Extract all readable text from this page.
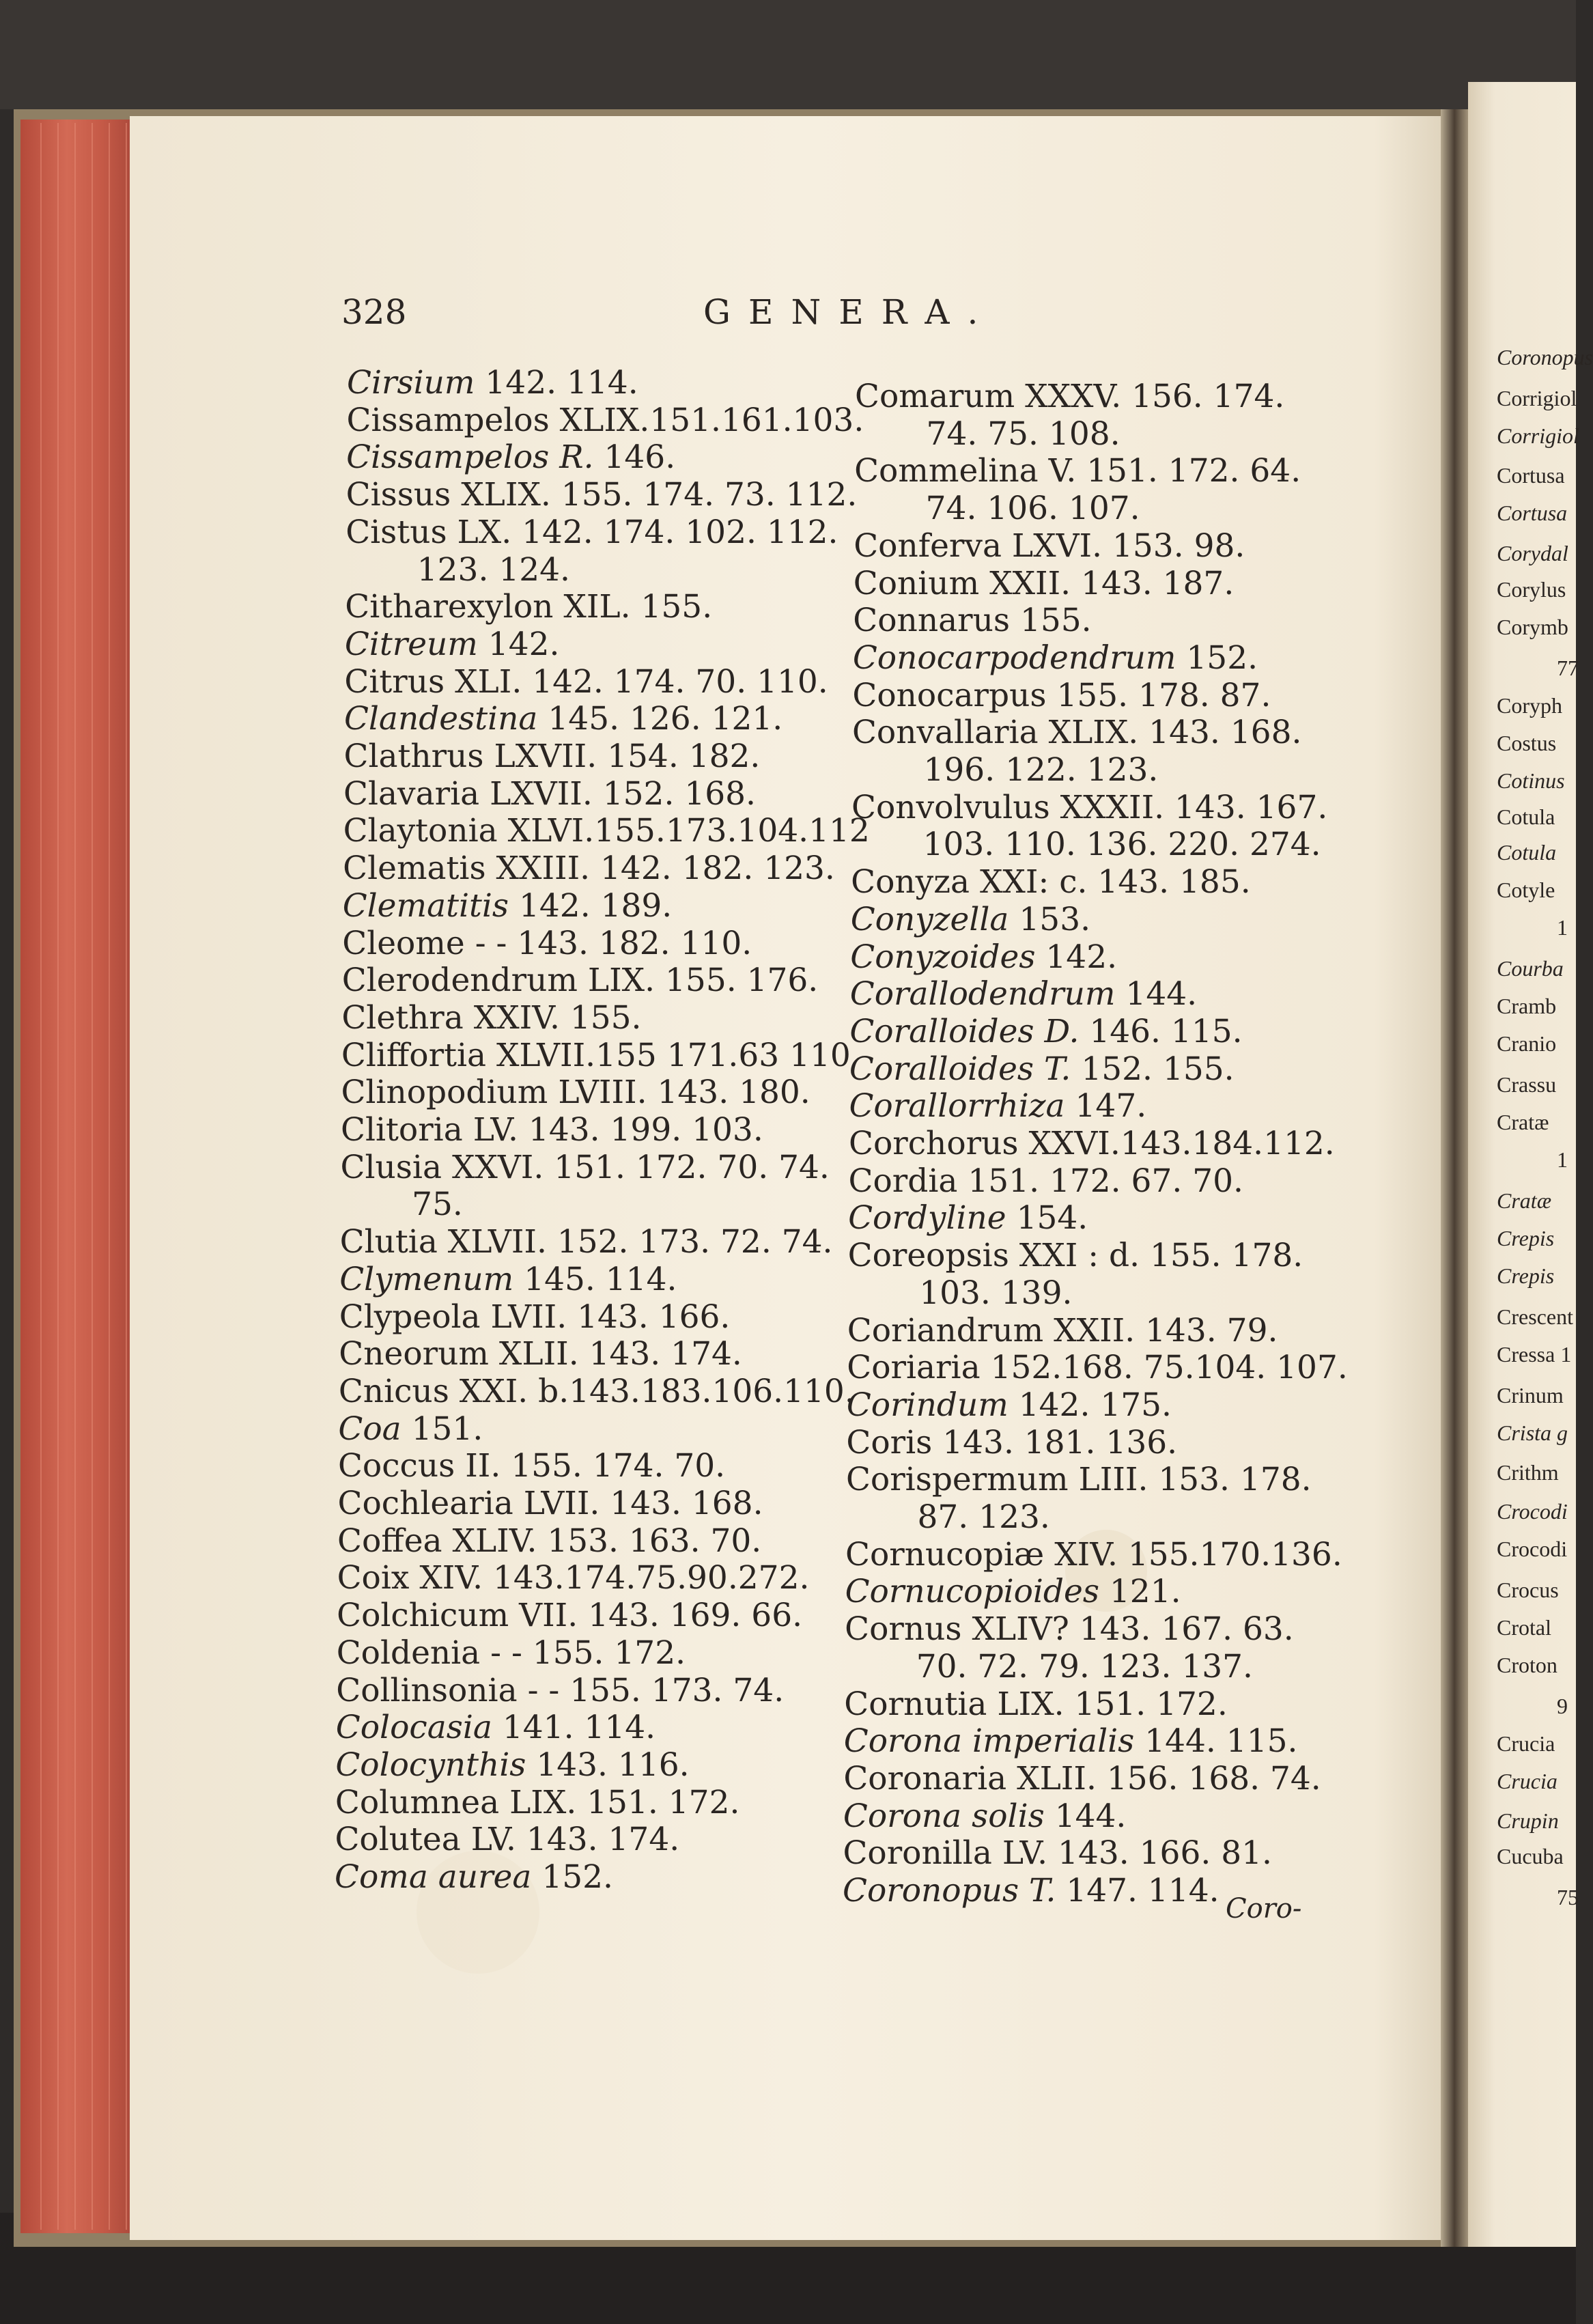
328	GENERA.
Cirsium 142. 114.
Cissampelos XLIX.151.161.103.
Cissampelos R. 146.
Cissus XLIX. 155. 174. 73. 112.
Cistus LX. 142. 174. 102. 112.
123. 124.
Citharexylon XIL. 155.
Citreum 142.
Citrus XLI. 142. 174. 70. 110.
Clandestina 145. 126. 121.
Clathrus LXVII. 154. 182.
Clavaria LXVII. 152. 168.
Claytonia XLVI.155.173.104.112
Clematis XXIII. 142. 182. 123.
Clematitis 142. 189.
Cleome - - 143. 182. 110.
Clerodendrum LIX. 155. 176.
Clethra XXIV. 155.
Cliffortia XLVII.155 171.63 110
Clinopodium LVIII. 143. 180.
Clitoria LV. 143. 199. 103.
Clusia XXVI. 151. 172. 70. 74.
75.
Clutia XLVII. 152. 173. 72. 74.
Clymenum 145. 114.
Clypeola LVII. 143. 166.
Cneorum XLII. 143. 174.
Cnicus XXI. b.143.183.106.110.
Coa 151.
Coccus II. 155. 174. 70.
Cochlearia LVII. 143. 168.
Coffea XLIV. 153. 163. 70.
Coix XIV. 143.174.75.90.272.
Colchicum VII. 143. 169. 66.
Coldenia - - 155. 172.
Collinsonia - - 155. 173. 74.
Colocasia 141. 114.
Colocynthis 143. 116.
Columnea LIX. 151. 172.
Colutea LV. 143. 174.
Coma aurea 152.
Comarum XXXV. 156. 174.
74. 75. 108.
Commelina V. 151. 172. 64.
74. 106. 107.
Conferva LXVI. 153. 98.
Conium XXII. 143. 187.
Connarus 155.
Conocarpodendrum 152.
Conocarpus 155. 178. 87.
Convallaria XLIX. 143. 168.
196. 122. 123.
Convolvulus XXXII. 143. 167.
103. 110. 136. 220. 274.
Conyza XXI: c. 143. 185.
Conyzella 153.
Conyzoides 142.
Corallodendrum 144.
Coralloides D. 146. 115.
Coralloides T. 152. 155.
Corallorrhiza 147.
Corchorus XXVI.143.184.112.
Cordia 151. 172. 67. 70.
Cordyline 154.
Coreopsis XXI : d. 155. 178.
103. 139.
Coriandrum XXII. 143. 79.
Coriaria 152.168. 75.104. 107.
Corindum 142. 175.
Coris 143. 181. 136.
Corispermum LIII. 153. 178.
87. 123.
Cornucopiæ XIV. 155.170.136.
Cornucopioides 121.
Cornus XLIV? 143. 167. 63.
70. 72. 79. 123. 137.
Cornutia LIX. 151. 172.
Corona imperialis 144. 115.
Coronaria XLII. 156. 168. 74.
Corona solis 144.
Coronilla LV. 143. 166. 81.
Coronopus T. 147. 114. Coro-
Coronopus
Corrigiol
Corrigiol
Cortusa
Cortusa
Corydal
Corylus
Corymb
77
Coryph
Costus
Cotinus
Cotula
Cotula
Cotyle
1
Courba
Cramb
Cranio
Crassu
Cratæ
1
Cratæ
Crepis
Crepis
Crescent
Cressa 1
Crinum
Crista g
Crithm
Crocodi
Crocodi
Crocus
Crotal
Croton
9
Crucia
Crucia
Crupin
Cucuba
75
